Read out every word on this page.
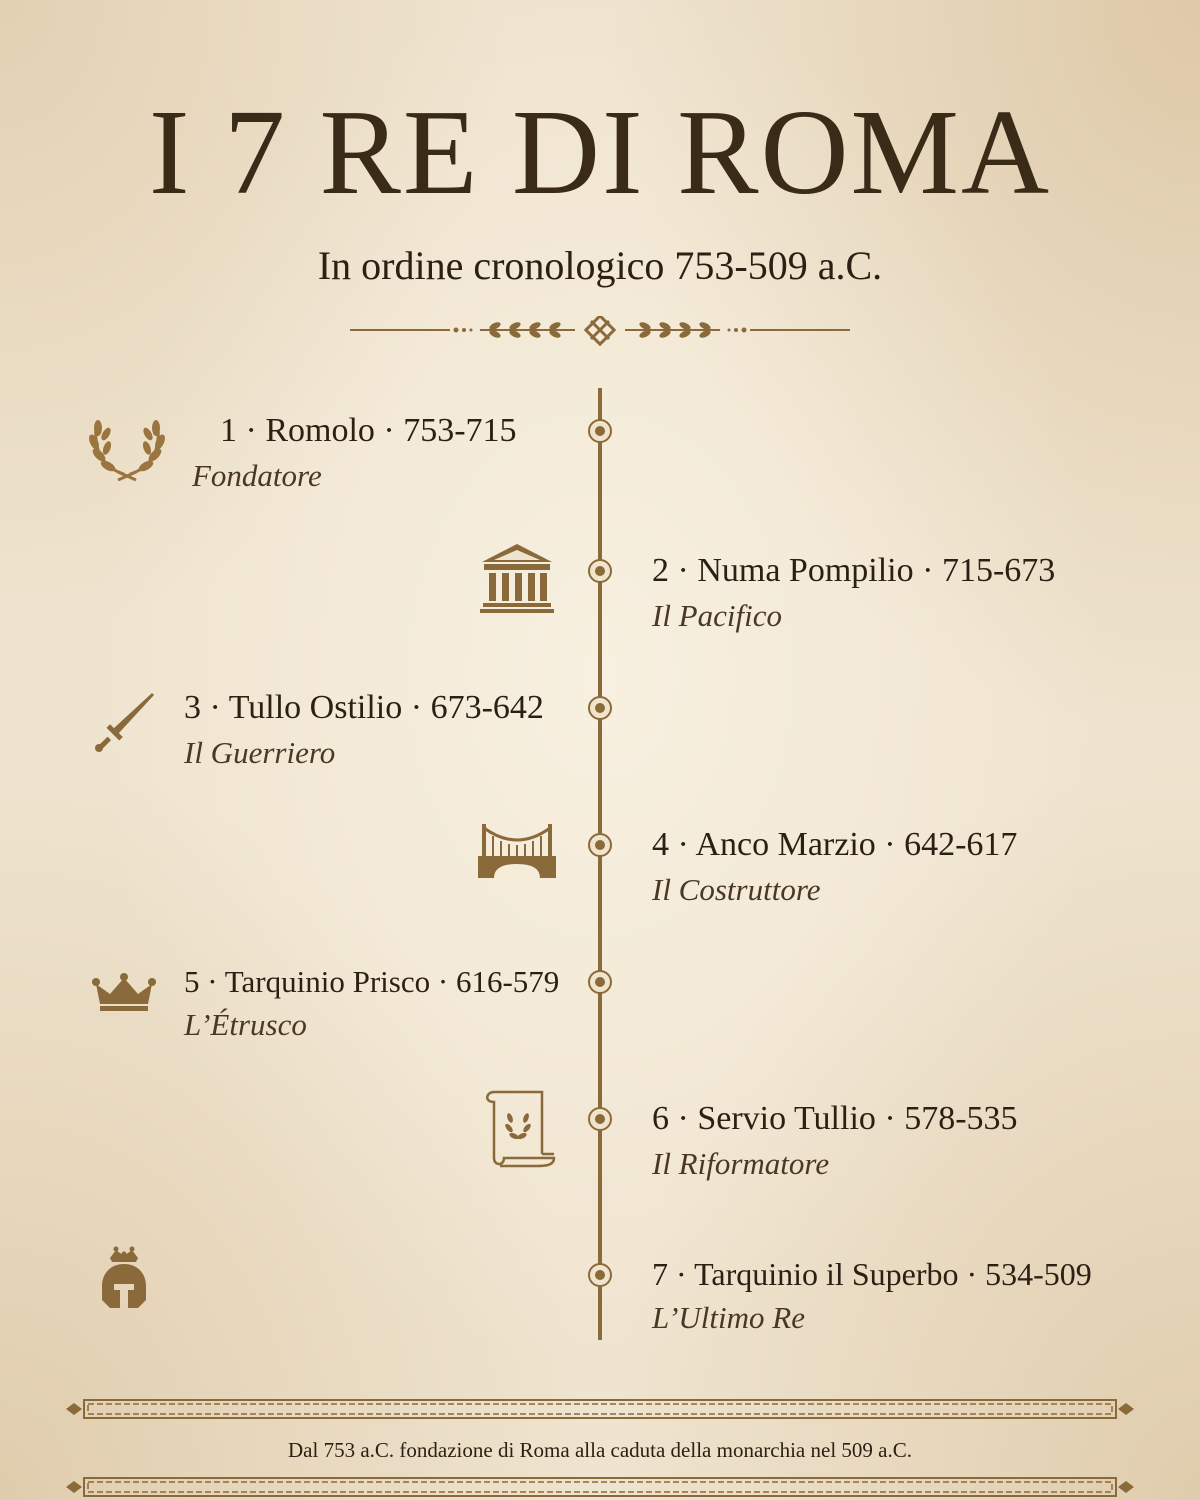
I 7 RE DI ROMA
In ordine cronologico 753-509 a.C.
1 · Romolo · 753-715
Fondatore
2 · Numa Pompilio · 715-673
Il Pacifico
3 · Tullo Ostilio · 673-642
Il Guerriero
4 · Anco Marzio · 642-617
Il Costruttore
5 · Tarquinio Prisco · 616-579
L’Étrusco
6 · Servio Tullio · 578-535
Il Riformatore
7 · Tarquinio il Superbo · 534-509
L’Ultimo Re
Dal 753 a.C. fondazione di Roma alla caduta della monarchia nel 509 a.C.
